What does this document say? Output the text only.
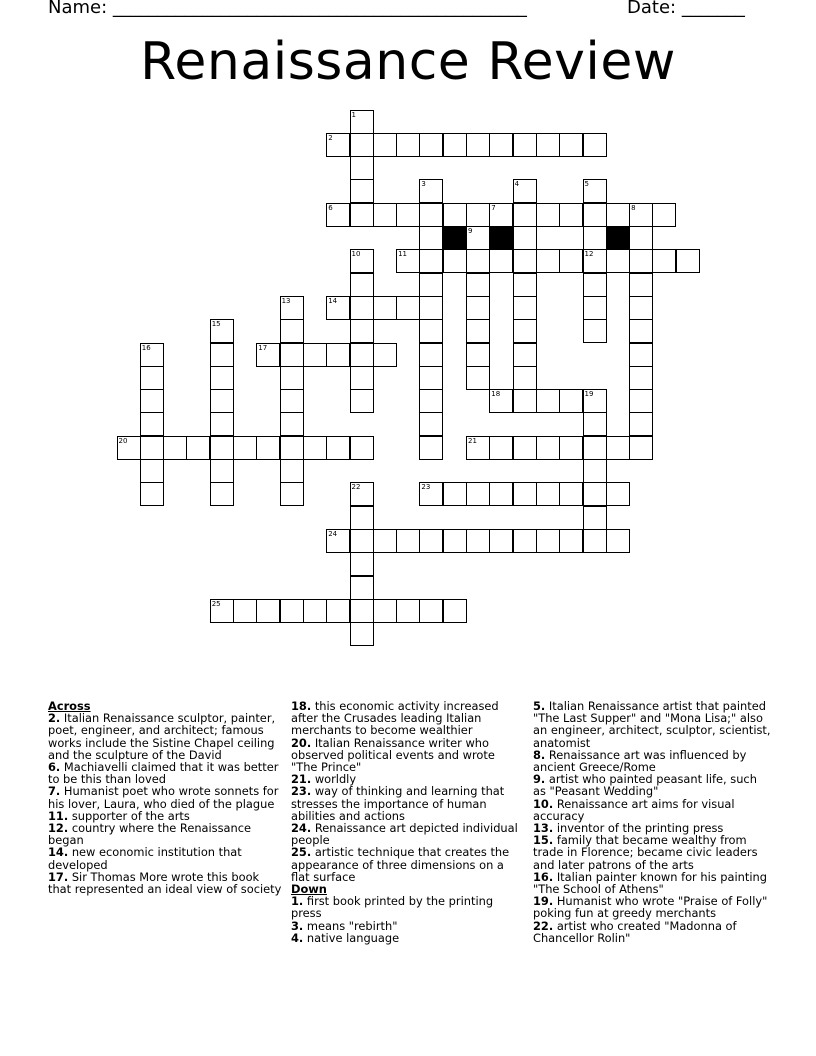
Name: ______________________________________________	Date: _______
Renaissance Review
2
6	7	8
11	12
14
17
18
20	21
23
24
25
1
3	4	5
9
10
13
15
16
19
22
Across
2. Italian Renaissance sculptor, painter, poet, engineer, and architect; famous works include the Sistine Chapel ceiling and the sculpture of the David
6. Machiavelli claimed that it was better to be this than loved
7. Humanist poet who wrote sonnets for his lover, Laura, who died of the plague
11. supporter of the arts
12. country where the Renaissance began
14. new economic institution that developed
17. Sir Thomas More wrote this book that represented an ideal view of society
18. this economic activity increased after the Crusades leading Italian merchants to become wealthier
20. Italian Renaissance writer who observed political events and wrote "The Prince"
21. worldly
23. way of thinking and learning that stresses the importance of human abilities and actions
24. Renaissance art depicted individual people
25. artistic technique that creates the appearance of three dimensions on a flat surface
Down
1. first book printed by the printing press
3. means "rebirth"
4. native language
5. Italian Renaissance artist that painted "The Last Supper" and "Mona Lisa;" also an engineer, architect, sculptor, scientist, anatomist
8. Renaissance art was influenced by ancient Greece/Rome
9. artist who painted peasant life, such as "Peasant Wedding"
10. Renaissance art aims for visual accuracy
13. inventor of the printing press
15. family that became wealthy from trade in Florence; became civic leaders and later patrons of the arts
16. Italian painter known for his painting "The School of Athens"
19. Humanist who wrote "Praise of Folly" poking fun at greedy merchants
22. artist who created "Madonna of Chancellor Rolin"
